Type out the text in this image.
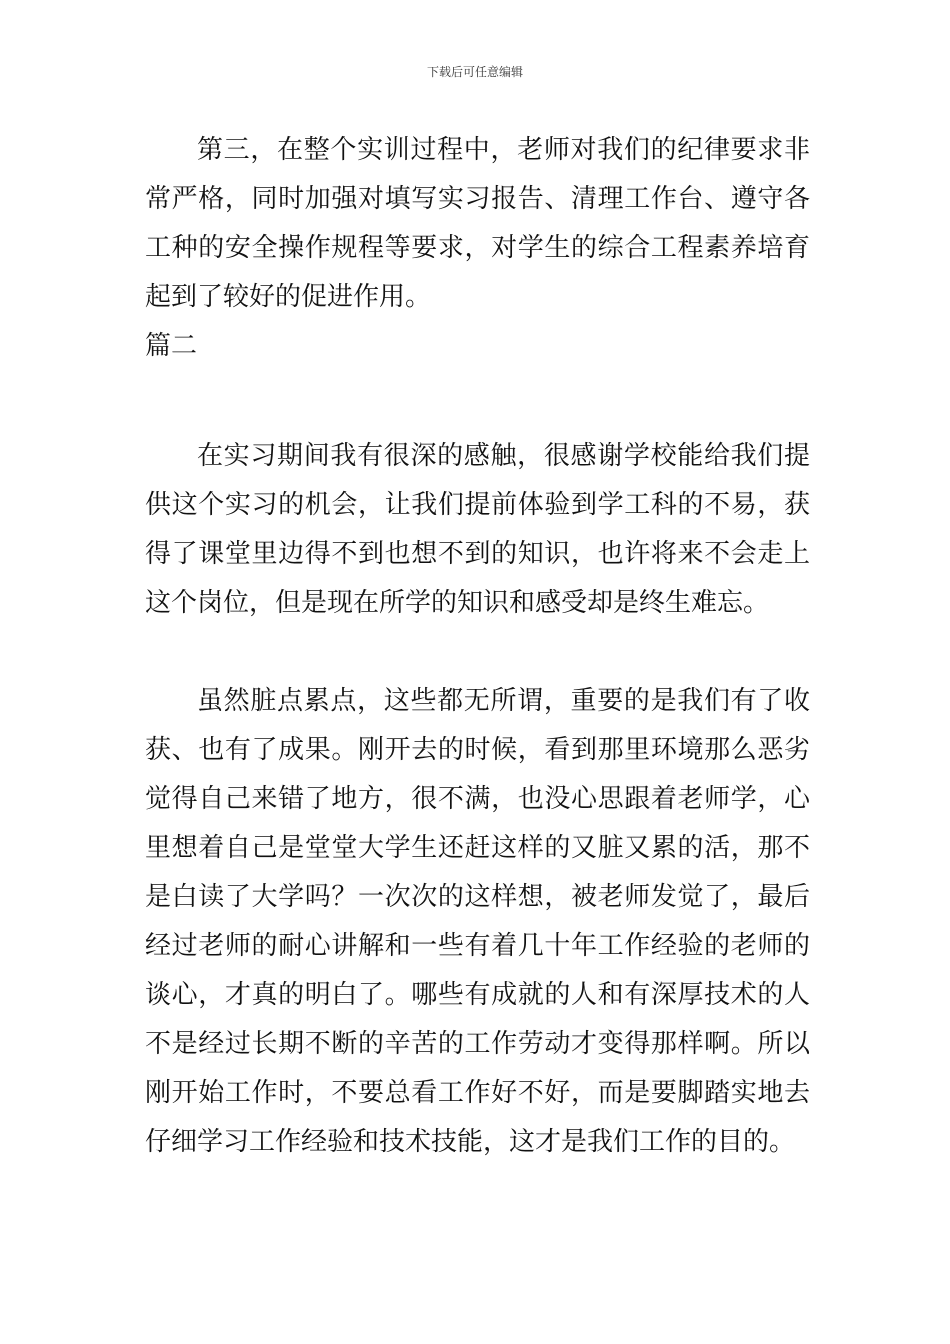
下载后可任意编辑

第三，在整个实训过程中，老师对我们的纪律要求非常严格，同时加强对填写实习报告、清理工作台、遵守各工种的安全操作规程等要求，对学生的综合工程素养培育起到了较好的促进作用。

篇二

在实习期间我有很深的感触，很感谢学校能给我们提供这个实习的机会，让我们提前体验到学工科的不易，获得了课堂里边得不到也想不到的知识，也许将来不会走上这个岗位，但是现在所学的知识和感受却是终生难忘。

虽然脏点累点，这些都无所谓，重要的是我们有了收获、也有了成果。刚开去的时候，看到那里环境那么恶劣觉得自己来错了地方，很不满，也没心思跟着老师学，心里想着自己是堂堂大学生还赶这样的又脏又累的活，那不是白读了大学吗？一次次的这样想，被老师发觉了，最后经过老师的耐心讲解和一些有着几十年工作经验的老师的谈心，才真的明白了。哪些有成就的人和有深厚技术的人不是经过长期不断的辛苦的工作劳动才变得那样啊。所以刚开始工作时，不要总看工作好不好，而是要脚踏实地去仔细学习工作经验和技术技能，这才是我们工作的目的。
